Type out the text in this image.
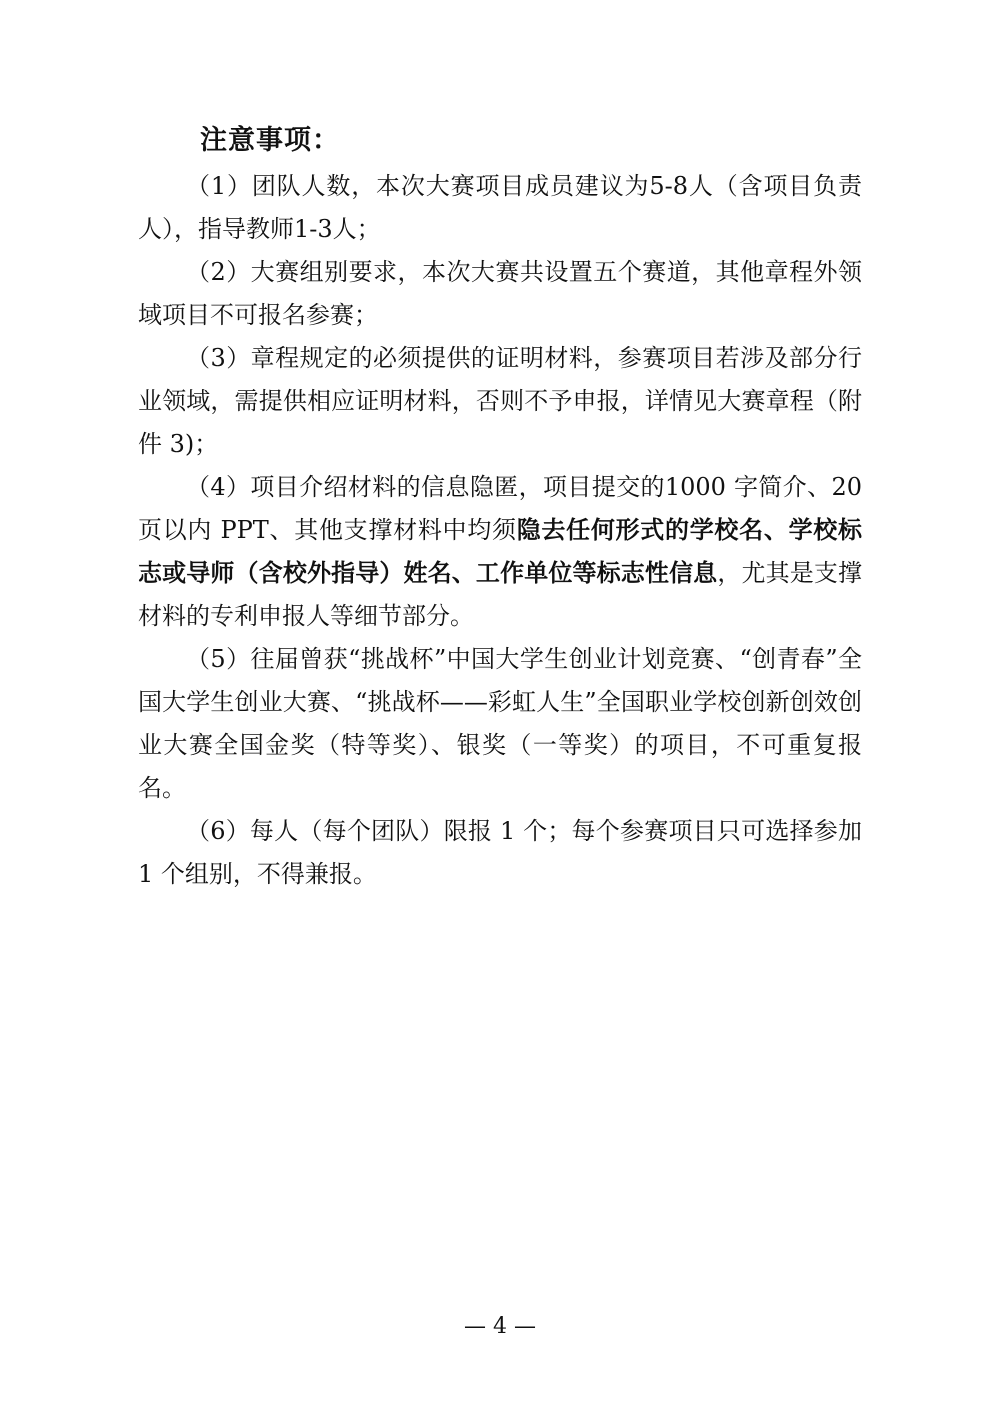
注意事项：

（1）团队人数，本次大赛项目成员建议为5-8人（含项目负责人），指导教师1-3人；

（2）大赛组别要求，本次大赛共设置五个赛道，其他章程外领域项目不可报名参赛；

（3）章程规定的必须提供的证明材料，参赛项目若涉及部分行业领域，需提供相应证明材料，否则不予申报，详情见大赛章程（附件 3)；

（4）项目介绍材料的信息隐匿，项目提交的1000 字简介、20 页以内 PPT、其他支撑材料中均须隐去任何形式的学校名、学校标志或导师（含校外指导）姓名、工作单位等标志性信息，尤其是支撑材料的专利申报人等细节部分。

（5）往届曾获“挑战杯”中国大学生创业计划竞赛、“创青春”全国大学生创业大赛、“挑战杯——彩虹人生”全国职业学校创新创效创业大赛全国金奖（特等奖）、银奖（一等奖）的项目，不可重复报名。

（6）每人（每个团队）限报 1 个；每个参赛项目只可选择参加 1 个组别，不得兼报。

— 4 —
